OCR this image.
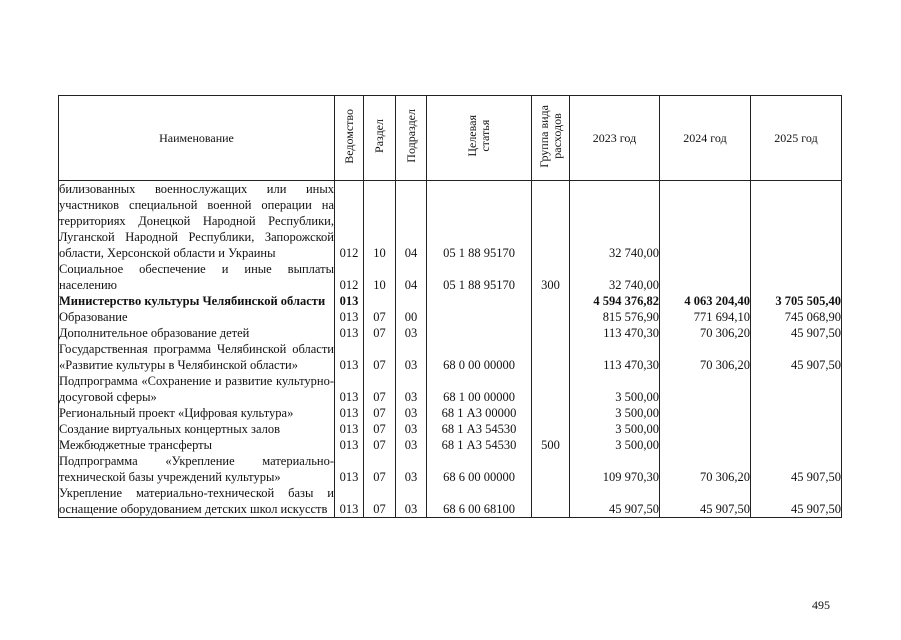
Наименование	Ведомство	Раздел	Подраздел	Целевая
статья	Группа вида
расходов	2023 год	2024 год	2025 год
билизованных военнослужащих или иных участников специальной военной операции на территориях Донецкой Народной Республики, Луганской Народной Республики, Запорожской области, Херсонской области и Украины	012	10	04	05 1 88 95170		32 740,00		
Социальное обеспечение и иные выплаты населению	012	10	04	05 1 88 95170	300	32 740,00		
Министерство культуры Челябинской области	013					4 594 376,82	4 063 204,40	3 705 505,40
Образование	013	07	00			815 576,90	771 694,10	745 068,90
Дополнительное образование детей	013	07	03			113 470,30	70 306,20	45 907,50
Государственная программа Челябинской области «Развитие культуры в Челябинской области»	013	07	03	68 0 00 00000		113 470,30	70 306,20	45 907,50
Подпрограмма «Сохранение и развитие культурно-досуговой сферы»	013	07	03	68 1 00 00000		3 500,00		
Региональный проект «Цифровая культура»	013	07	03	68 1 А3 00000		3 500,00		
Создание виртуальных концертных залов	013	07	03	68 1 А3 54530		3 500,00		
Межбюджетные трансферты	013	07	03	68 1 А3 54530	500	3 500,00		
Подпрограмма «Укрепление материально-технической базы учреждений культуры»	013	07	03	68 6 00 00000		109 970,30	70 306,20	45 907,50
Укрепление материально-технической базы и оснащение оборудованием детских школ искусств	013	07	03	68 6 00 68100		45 907,50	45 907,50	45 907,50
495
